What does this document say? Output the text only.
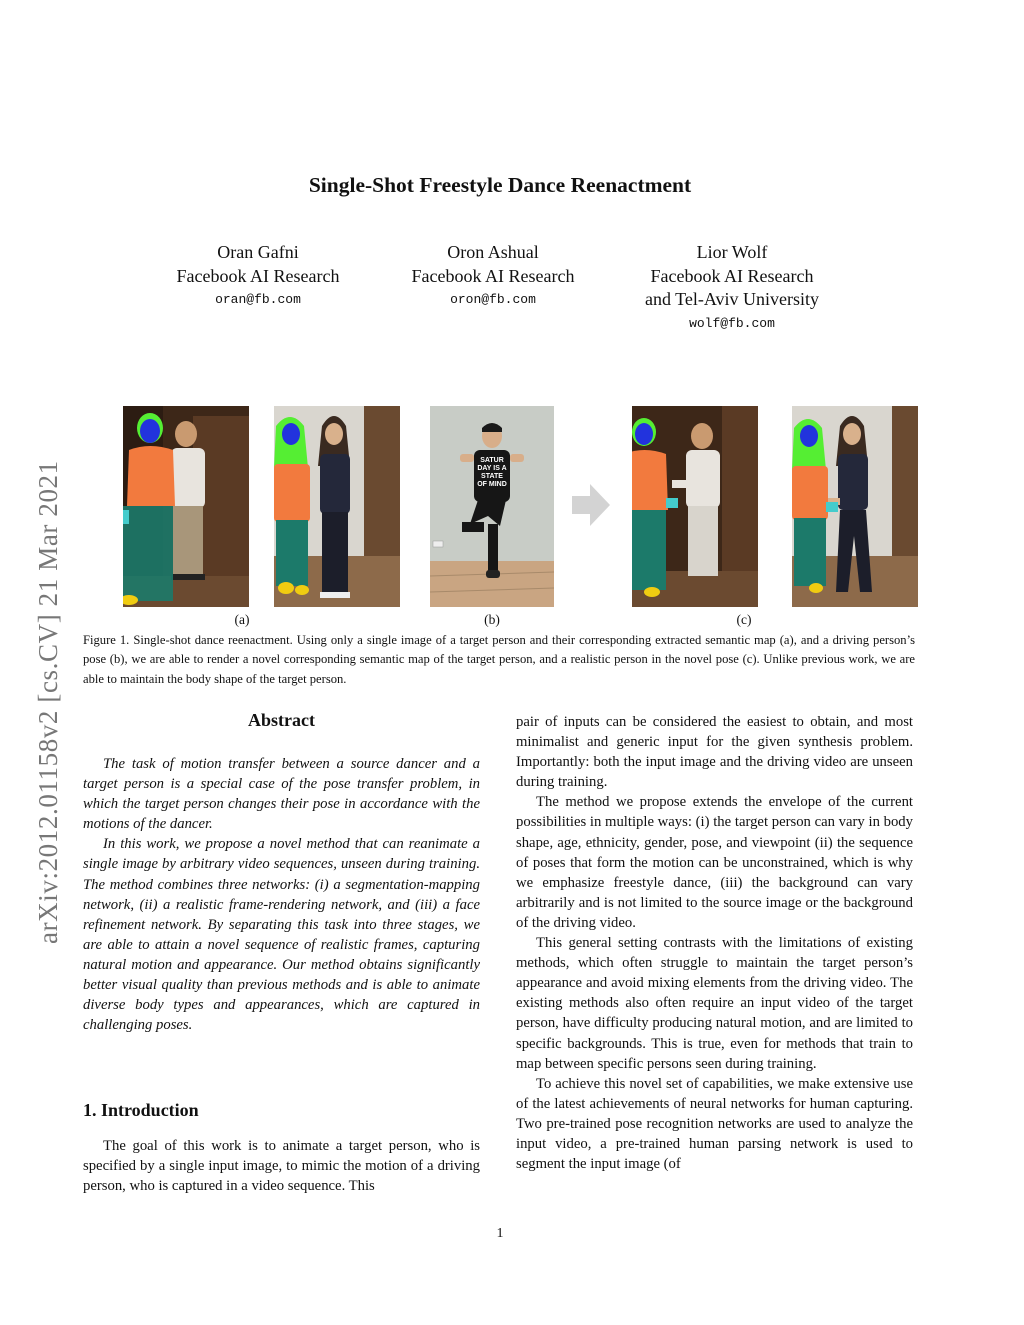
arXiv:2012.01158v2 [cs.CV] 21 Mar 2021
Single-Shot Freestyle Dance Reenactment
Oran Gafni
Facebook AI Research
oran@fb.com
Oron Ashual
Facebook AI Research
oron@fb.com
Lior Wolf
Facebook AI Research
and Tel-Aviv University
wolf@fb.com
SATUR DAY IS A STATE OF MIND
(a)	(b)	(c)
Figure 1. Single-shot dance reenactment. Using only a single image of a target person and their corresponding extracted semantic map (a), and a driving person’s pose (b), we are able to render a novel corresponding semantic map of the target person, and a realistic person in the novel pose (c). Unlike previous work, we are able to maintain the body shape of the target person.
Abstract

The task of motion transfer between a source dancer and a target person is a special case of the pose transfer problem, in which the target person changes their pose in accordance with the motions of the dancer.

In this work, we propose a novel method that can reanimate a single image by arbitrary video sequences, unseen during training. The method combines three networks: (i) a segmentation-mapping network, (ii) a realistic frame-rendering network, and (iii) a face refinement network. By separating this task into three stages, we are able to attain a novel sequence of realistic frames, capturing natural motion and appearance. Our method obtains significantly better visual quality than previous methods and is able to animate diverse body types and appearances, which are captured in challenging poses.

1. Introduction

The goal of this work is to animate a target person, who is specified by a single input image, to mimic the motion of a driving person, who is captured in a video sequence. This

pair of inputs can be considered the easiest to obtain, and most minimalist and generic input for the given synthesis problem. Importantly: both the input image and the driving video are unseen during training.

The method we propose extends the envelope of the current possibilities in multiple ways: (i) the target person can vary in body shape, age, ethnicity, gender, pose, and viewpoint (ii) the sequence of poses that form the motion can be unconstrained, which is why we emphasize freestyle dance, (iii) the background can vary arbitrarily and is not limited to the source image or the background of the driving video.

This general setting contrasts with the limitations of existing methods, which often struggle to maintain the target person’s appearance and avoid mixing elements from the driving video. The existing methods also often require an input video of the target person, have difficulty producing natural motion, and are limited to specific backgrounds. This is true, even for methods that train to map between specific persons seen during training.

To achieve this novel set of capabilities, we make extensive use of the latest achievements of neural networks for human capturing. Two pre-trained pose recognition networks are used to analyze the input video, a pre-trained human parsing network is used to segment the input image (of

1
